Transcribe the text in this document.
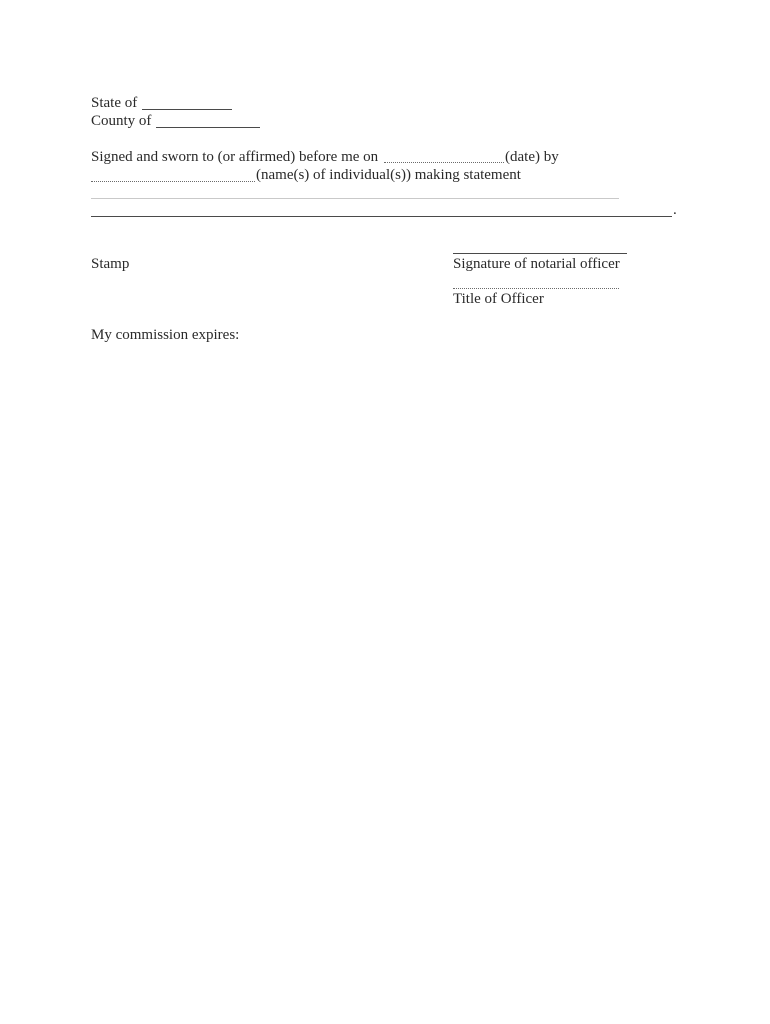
State of
County of
Signed and sworn to (or affirmed) before me on	(date) by
(name(s) of individual(s)) making statement
.
Stamp	Signature of notarial officer
Title of Officer
My commission expires:
